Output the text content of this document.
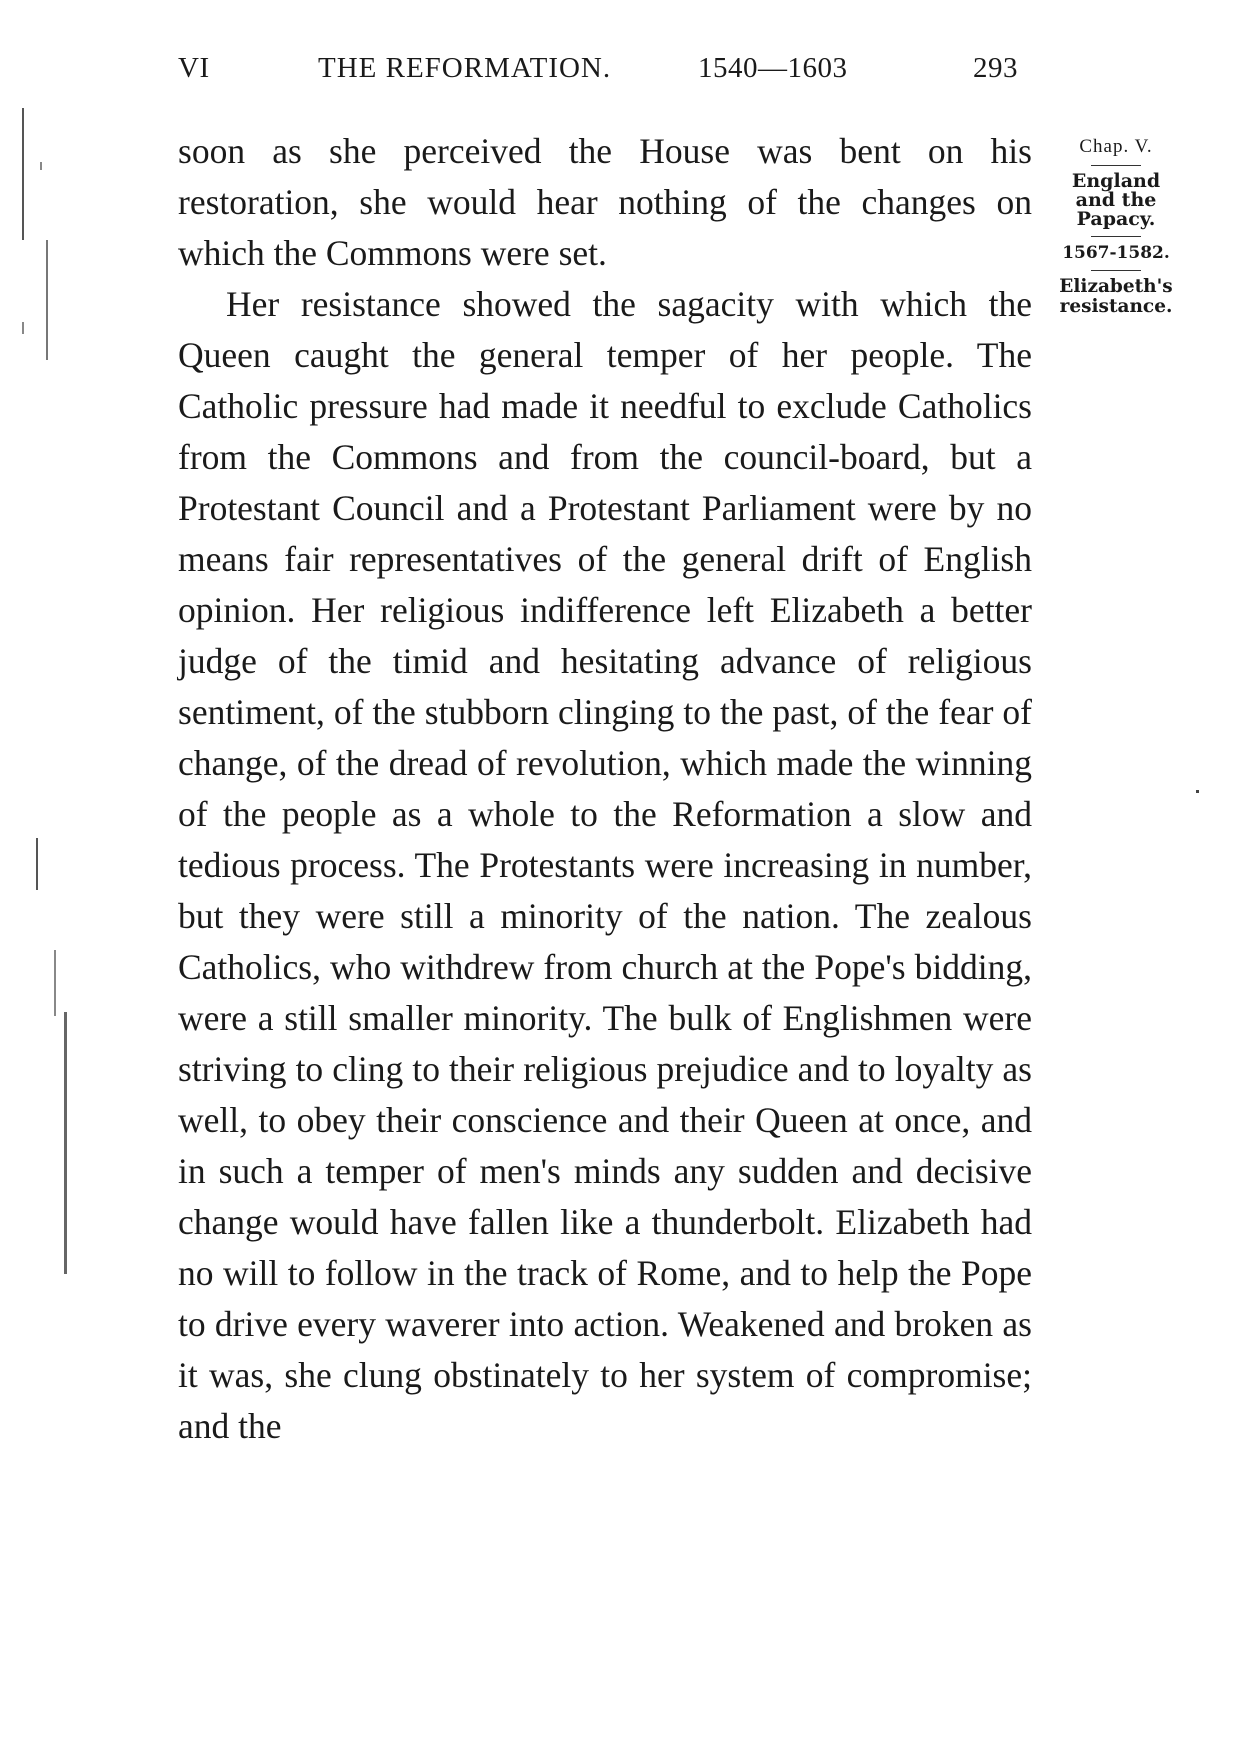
VI	THE REFORMATION.	1540—1603	293

soon as she perceived the House was bent on his restoration, she would hear nothing of the changes on which the Commons were set.

Her resistance showed the sagacity with which the Queen caught the general temper of her people. The Catholic pressure had made it needful to exclude Catholics from the Commons and from the council-board, but a Protestant Council and a Protestant Parliament were by no means fair representatives of the general drift of English opinion. Her religious indifference left Elizabeth a better judge of the timid and hesitating advance of religious sentiment, of the stubborn clinging to the past, of the fear of change, of the dread of revolution, which made the winning of the people as a whole to the Reformation a slow and tedious process. The Protestants were increasing in number, but they were still a minority of the nation. The zealous Catholics, who withdrew from church at the Pope's bidding, were a still smaller minority. The bulk of Englishmen were striving to cling to their religious prejudice and to loyalty as well, to obey their conscience and their Queen at once, and in such a temper of men's minds any sudden and decisive change would have fallen like a thunderbolt. Elizabeth had no will to follow in the track of Rome, and to help the Pope to drive every waverer into action. Weakened and broken as it was, she clung obstinately to her system of compromise; and the

Chap. V.
England
and the
Papacy.
1567-1582.
Elizabeth's
resistance.
